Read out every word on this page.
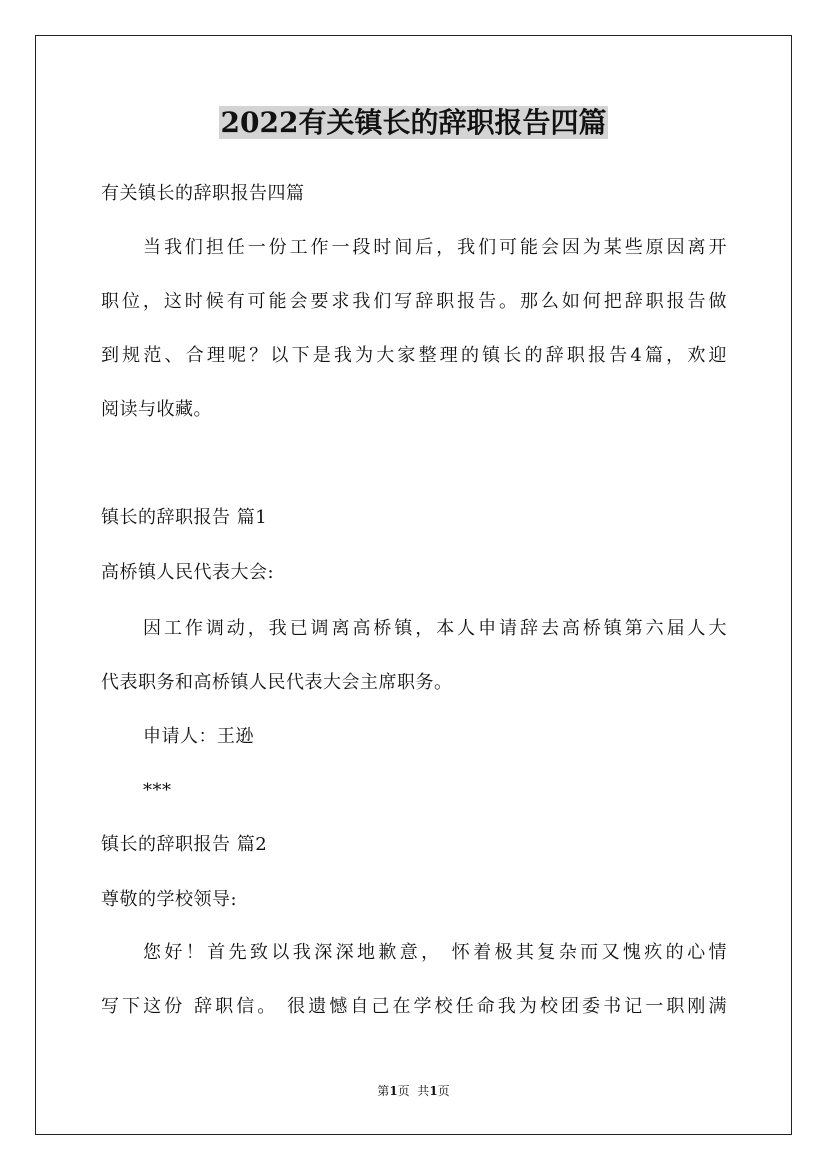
2022有关镇长的辞职报告四篇
有关镇长的辞职报告四篇
当我们担任一份工作一段时间后，我们可能会因为某些原因离开
职位，这时候有可能会要求我们写辞职报告。那么如何把辞职报告做
到规范、合理呢？以下是我为大家整理的镇长的辞职报告4篇，欢迎
阅读与收藏。
镇长的辞职报告 篇1
高桥镇人民代表大会:
因工作调动，我已调离高桥镇，本人申请辞去高桥镇第六届人大
代表职务和高桥镇人民代表大会主席职务。
申请人：王逊
***
镇长的辞职报告 篇2
尊敬的学校领导:
您好！首先致以我深深地歉意， 怀着极其复杂而又愧疚的心情
写下这份 辞职信。 很遗憾自己在学校任命我为校团委书记一职刚满
第1页  共1页
